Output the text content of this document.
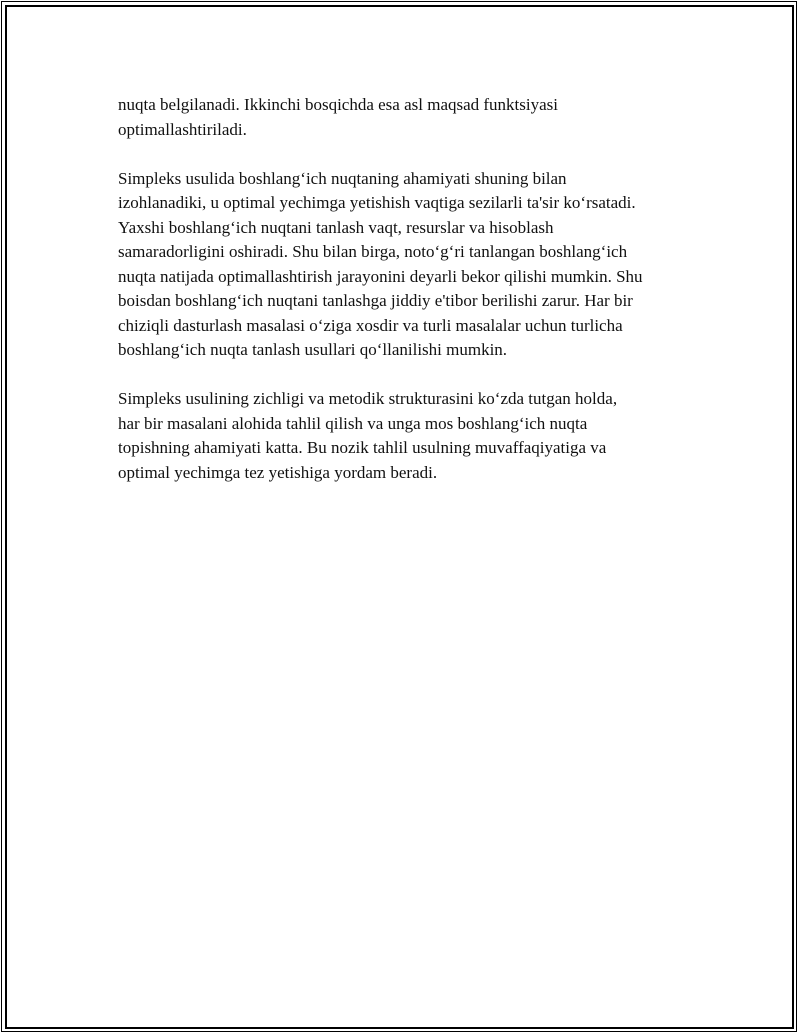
nuqta belgilanadi. Ikkinchi bosqichda esa asl maqsad funktsiyasi
optimallashtiriladi.

Simpleks usulida boshlang‘ich nuqtaning ahamiyati shuning bilan
izohlanadiki, u optimal yechimga yetishish vaqtiga sezilarli ta'sir ko‘rsatadi.
Yaxshi boshlang‘ich nuqtani tanlash vaqt, resurslar va hisoblash
samaradorligini oshiradi. Shu bilan birga, noto‘g‘ri tanlangan boshlang‘ich
nuqta natijada optimallashtirish jarayonini deyarli bekor qilishi mumkin. Shu
boisdan boshlang‘ich nuqtani tanlashga jiddiy e'tibor berilishi zarur. Har bir
chiziqli dasturlash masalasi o‘ziga xosdir va turli masalalar uchun turlicha
boshlang‘ich nuqta tanlash usullari qo‘llanilishi mumkin.

Simpleks usulining zichligi va metodik strukturasini ko‘zda tutgan holda,
har bir masalani alohida tahlil qilish va unga mos boshlang‘ich nuqta
topishning ahamiyati katta. Bu nozik tahlil usulning muvaffaqiyatiga va
optimal yechimga tez yetishiga yordam beradi.
